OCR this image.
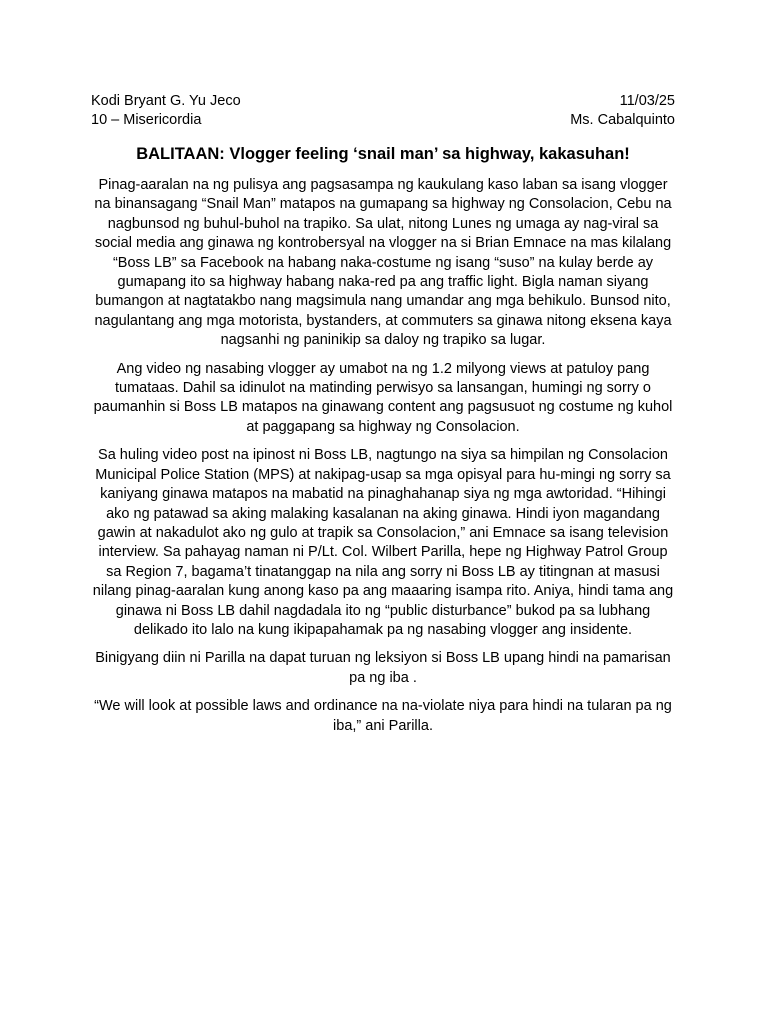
Kodi Bryant G. Yu Jeco	11/03/25
10 – Misericordia	Ms. Cabalquinto
BALITAAN: Vlogger feeling ‘snail man’ sa highway, kakasuhan!

Pinag-aaralan na ng pulisya ang pagsasampa ng kaukulang kaso laban sa isang vlogger na binansagang “Snail Man” matapos na gumapang sa highway ng Consolacion, Cebu na nagbunsod ng buhul-buhol na trapiko. Sa ulat, nitong Lunes ng umaga ay nag-viral sa social media ang ginawa ng kontrobersyal na vlogger na si Brian Emnace na mas kilalang “Boss LB” sa Facebook na habang naka-costume ng isang “suso” na kulay berde ay gumapang ito sa highway habang naka-red pa ang traffic light. Bigla naman siyang bumangon at nagtatakbo nang magsimula nang umandar ang mga behikulo. Bunsod nito, nagulantang ang mga motorista, bystanders, at commuters sa ginawa nitong eksena kaya nagsanhi ng paninikip sa daloy ng trapiko sa lugar.

Ang video ng nasabing vlogger ay umabot na ng 1.2 milyong views at patuloy pang tumataas. Dahil sa idinulot na matinding perwisyo sa lansangan, humingi ng sorry o paumanhin si Boss LB matapos na ginawang content ang pagsusuot ng costume ng kuhol at paggapang sa highway ng Consolacion.

Sa huling video post na ipinost ni Boss LB, nagtungo na siya sa himpilan ng Consolacion Municipal Police Station (MPS) at nakipag-usap sa mga opisyal para hu-mingi ng sorry sa kaniyang ginawa matapos na mabatid na pinaghahanap siya ng mga awtoridad. “Hihingi ako ng patawad sa aking malaking kasalanan na aking ginawa. Hindi iyon magandang gawin at nakadulot ako ng gulo at trapik sa Consolacion,” ani Emnace sa isang television interview. Sa pahayag naman ni P/Lt. Col. Wilbert Parilla, hepe ng Highway Patrol Group sa Region 7, bagama’t tinatanggap na nila ang sorry ni Boss LB ay titingnan at masusi nilang pinag-aaralan kung anong kaso pa ang maaaring isampa rito. Aniya, hindi tama ang ginawa ni Boss LB dahil nagdadala ito ng “public disturbance” bukod pa sa lubhang delikado ito lalo na kung ikipapahamak pa ng nasabing vlogger ang insidente.

Binigyang diin ni Parilla na dapat turuan ng leksiyon si Boss LB upang hindi na pamarisan pa ng iba .

“We will look at possible laws and ordinance na na-violate niya para hindi na tularan pa ng iba,” ani Parilla.
